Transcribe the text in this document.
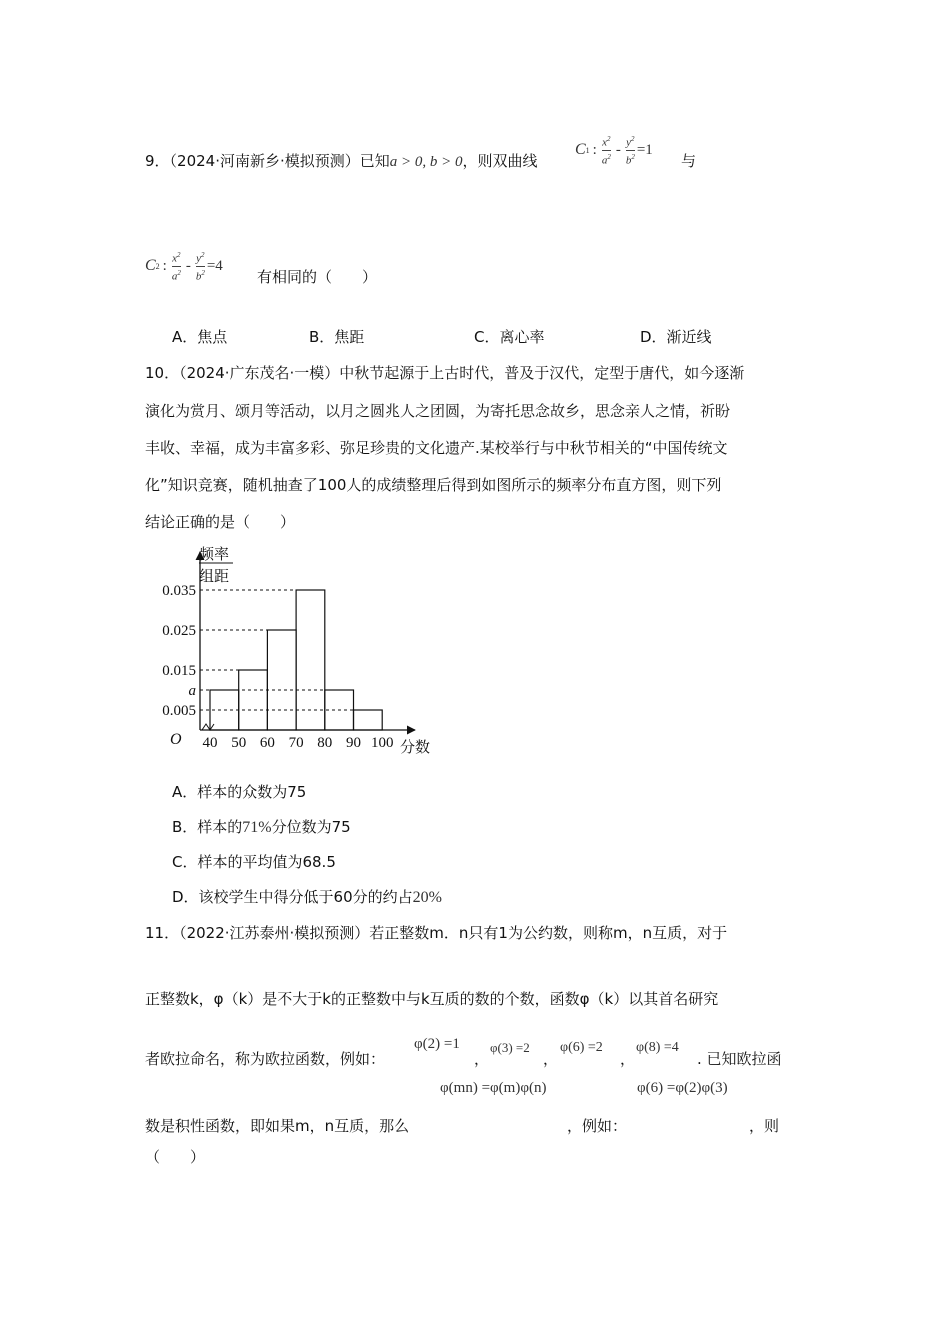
9．（2024·河南新乡·模拟预测）已知a > 0, b > 0，则双曲线
C 1 : $\frac{x^2}{a^2} - \frac{y^2}{b^2} =1$
与
C 2 : $\frac{x^2}{a^2} - \frac{y^2}{b^2} =4$
有相同的（　　）
A．焦点	B．焦距	C．离心率	D．渐近线
10．（2024·广东茂名·一模）中秋节起源于上古时代，普及于汉代，定型于唐代，如今逐渐
演化为赏月、颂月等活动，以月之圆兆人之团圆，为寄托思念故乡，思念亲人之情，祈盼
丰收、幸福，成为丰富多彩、弥足珍贵的文化遗产.某校举行与中秋节相关的“中国传统文
化”知识竞赛，随机抽查了100人的成绩整理后得到如图所示的频率分布直方图，则下列
结论正确的是（　　）
频率
组距
O	分数
0.035
0.025
0.015
a
0.005
40 50 60 70 80 90 100
A．样本的众数为75
B．样本的71%分位数为75
C．样本的平均值为68.5
D．该校学生中得分低于60分的约占20%
11．（2022·江苏泰州·模拟预测）若正整数m．n只有1为公约数，则称m，n互质，对于
正整数k，φ（k）是不大于k的正整数中与k互质的数的个数，函数φ（k）以其首名研究
者欧拉命名，称为欧拉函数，例如：
φ(2) =1
，
φ(3) =2
，
φ(6) =2
，
φ(8) =4
. 已知欧拉函
数是积性函数，即如果m，n互质，那么
φ(mn) =φ(m)φ(n)
，例如：
φ(6) =φ(2)φ(3)
，则
（　　）
